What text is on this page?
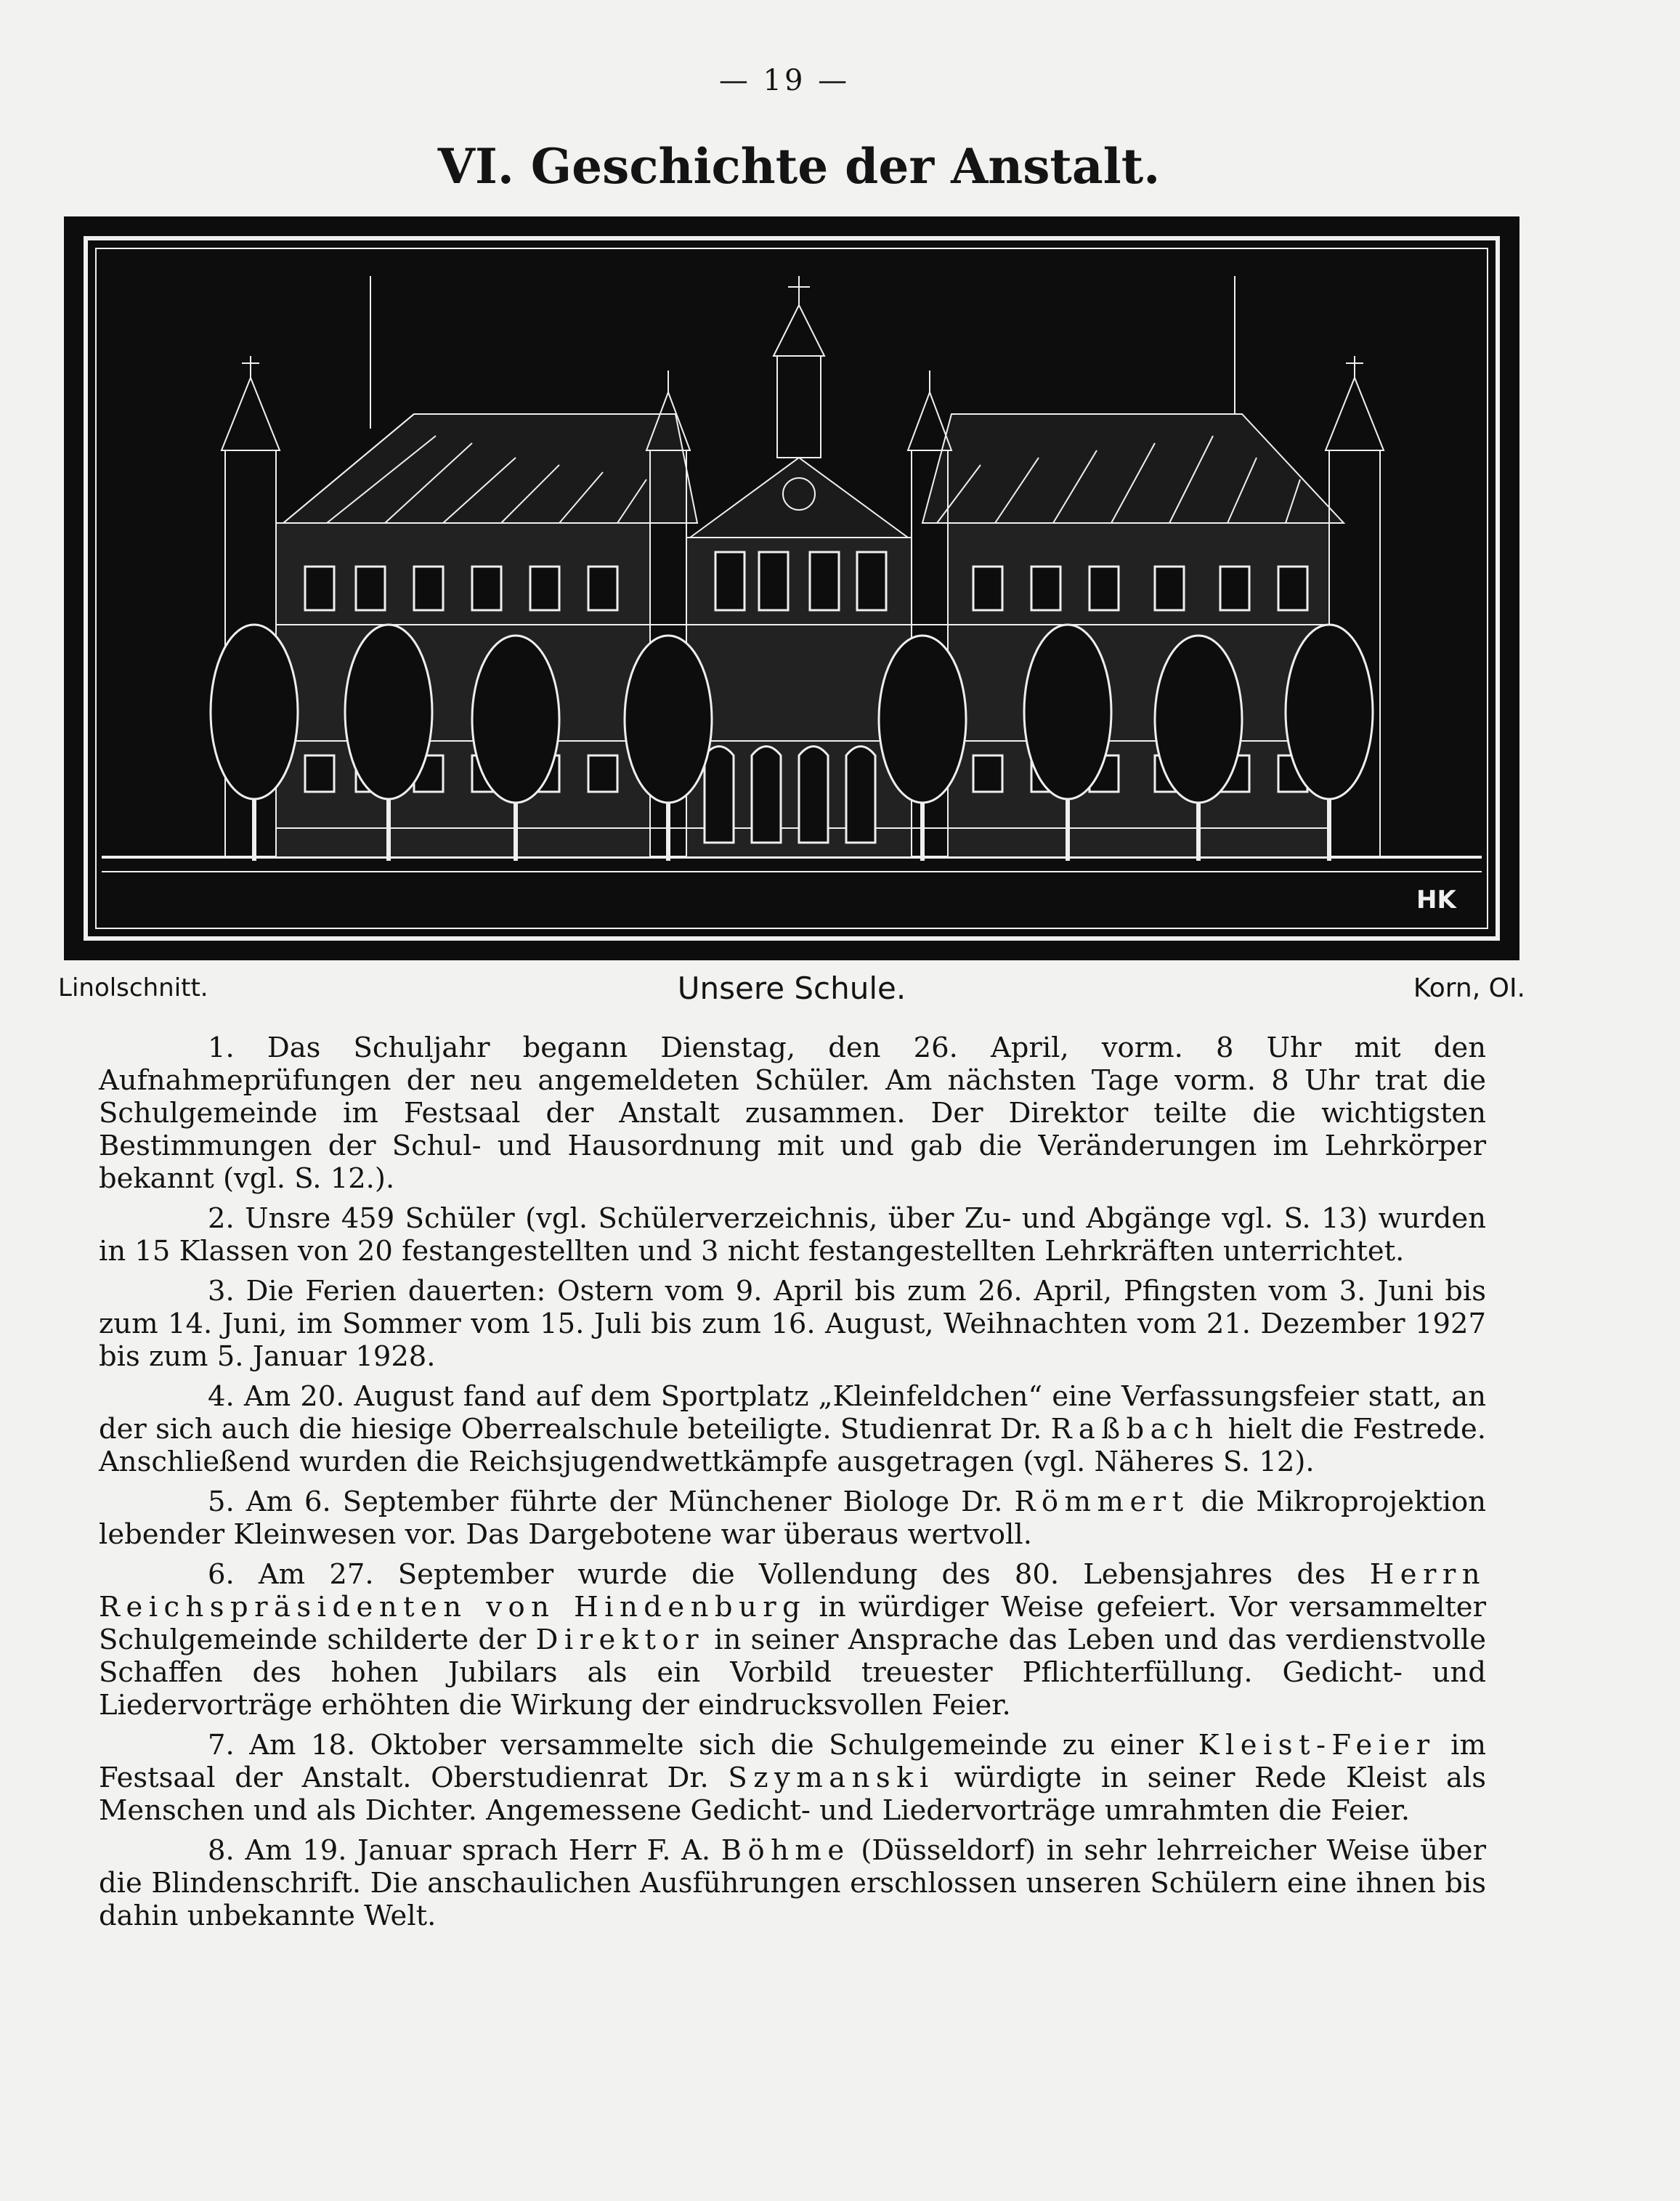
— 19 —
VI. Geschichte der Anstalt.
HK
Linolschnitt.	Unsere Schule.	Korn, OI.

1. Das Schuljahr begann Dienstag, den 26. April, vorm. 8 Uhr mit den Aufnahmeprüfungen der neu angemeldeten Schüler. Am nächsten Tage vorm. 8 Uhr trat die Schulgemeinde im Festsaal der Anstalt zusammen. Der Direktor teilte die wichtigsten Bestimmungen der Schul- und Hausordnung mit und gab die Veränderungen im Lehrkörper bekannt (vgl. S. 12.).

2. Unsre 459 Schüler (vgl. Schülerverzeichnis, über Zu- und Abgänge vgl. S. 13) wurden in 15 Klassen von 20 festangestellten und 3 nicht festangestellten Lehrkräften unterrichtet.

3. Die Ferien dauerten: Ostern vom 9. April bis zum 26. April, Pfingsten vom 3. Juni bis zum 14. Juni, im Sommer vom 15. Juli bis zum 16. August, Weihnachten vom 21. Dezember 1927 bis zum 5. Januar 1928.

4. Am 20. August fand auf dem Sportplatz „Kleinfeldchen“ eine Verfassungsfeier statt, an der sich auch die hiesige Oberrealschule beteiligte. Studienrat Dr. Raßbach hielt die Festrede. Anschließend wurden die Reichsjugendwettkämpfe ausgetragen (vgl. Näheres S. 12).

5. Am 6. September führte der Münchener Biologe Dr. Römmert die Mikroprojektion lebender Kleinwesen vor. Das Dargebotene war überaus wertvoll.

6. Am 27. September wurde die Vollendung des 80. Lebensjahres des Herrn Reichspräsidenten von Hindenburg in würdiger Weise gefeiert. Vor versammelter Schulgemeinde schilderte der Direktor in seiner Ansprache das Leben und das verdienstvolle Schaffen des hohen Jubilars als ein Vorbild treuester Pflichterfüllung. Gedicht- und Liedervorträge erhöhten die Wirkung der eindrucksvollen Feier.

7. Am 18. Oktober versammelte sich die Schulgemeinde zu einer Kleist-Feier im Festsaal der Anstalt. Oberstudienrat Dr. Szymanski würdigte in seiner Rede Kleist als Menschen und als Dichter. Angemessene Gedicht- und Liedervorträge umrahmten die Feier.

8. Am 19. Januar sprach Herr F. A. Böhme (Düsseldorf) in sehr lehrreicher Weise über die Blindenschrift. Die anschaulichen Ausführungen erschlossen unseren Schülern eine ihnen bis dahin unbekannte Welt.
